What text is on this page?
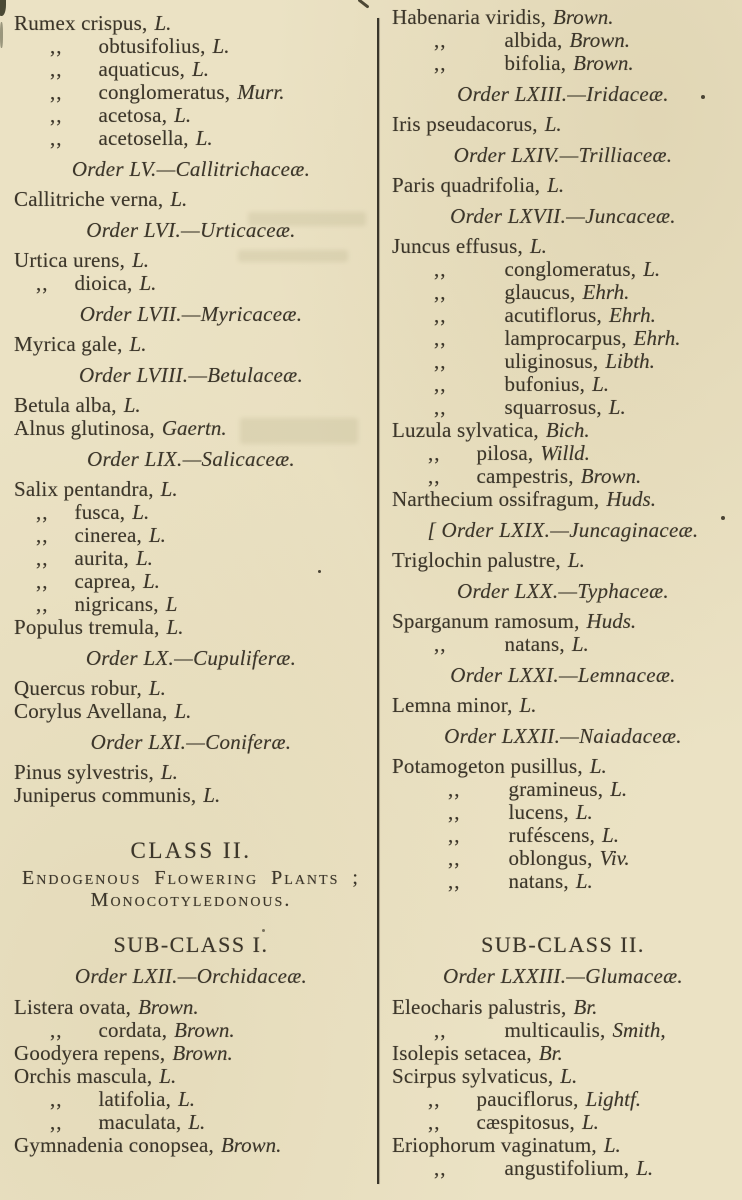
Rumex crispus, L.
,, obtusifolius, L.
,, aquaticus, L.
,, conglomeratus, Murr.
,, acetosa, L.
,, acetosella, L.
Order LV.—Callitrichaceæ.
Callitriche verna, L.
Order LVI.—Urticaceæ.
Urtica urens, L.
,, dioica, L.
Order LVII.—Myricaceæ.
Myrica gale, L.
Order LVIII.—Betulaceæ.
Betula alba, L.
Alnus glutinosa, Gaertn.
Order LIX.—Salicaceæ.
Salix pentandra, L.
,, fusca, L.
,, cinerea, L.
,, aurita, L.
,, caprea, L.
,, nigricans, L
Populus tremula, L.
Order LX.—Cupuliferæ.
Quercus robur, L.
Corylus Avellana, L.
Order LXI.—Coniferæ.
Pinus sylvestris, L.
Juniperus communis, L.
CLASS II.
Endogenous Flowering Plants ;
Monocotyledonous.
SUB-CLASS I.
Order LXII.—Orchidaceæ.
Listera ovata, Brown.
,, cordata, Brown.
Goodyera repens, Brown.
Orchis mascula, L.
,, latifolia, L.
,, maculata, L.
Gymnadenia conopsea, Brown.
Habenaria viridis, Brown.
,,	albida, Brown.
,,	bifolia, Brown.
Order LXIII.—Iridaceæ.
Iris pseudacorus, L.
Order LXIV.—Trilliaceæ.
Paris quadrifolia, L.
Order LXVII.—Juncaceæ.
Juncus effusus, L.
,,	conglomeratus, L.
,,	glaucus, Ehrh.
,,	acutiflorus, Ehrh.
,,	lamprocarpus, Ehrh.
,,	uliginosus, Libth.
,,	bufonius, L.
,,	squarrosus, L.
Luzula sylvatica, Bich.
,, pilosa, Willd.
,, campestris, Brown.
Narthecium ossifragum, Huds.
[ Order LXIX.—Juncaginaceæ.
Triglochin palustre, L.
Order LXX.—Typhaceæ.
Sparganum ramosum, Huds.
,,	natans, L.
Order LXXI.—Lemnaceæ.
Lemna minor, L.
Order LXXII.—Naiadaceæ.
Potamogeton pusillus, L.
,, gramineus, L.
,, lucens, L.
,, ruféscens, L.
,, oblongus, Viv.
,, natans, L.
SUB-CLASS II.
Order LXXIII.—Glumaceæ.
Eleocharis palustris, Br.
,,	multicaulis, Smith,
Isolepis setacea, Br.
Scirpus sylvaticus, L.
,, pauciflorus, Lightf.
,, cæspitosus, L.
Eriophorum vaginatum, L.
,,	angustifolium, L.
